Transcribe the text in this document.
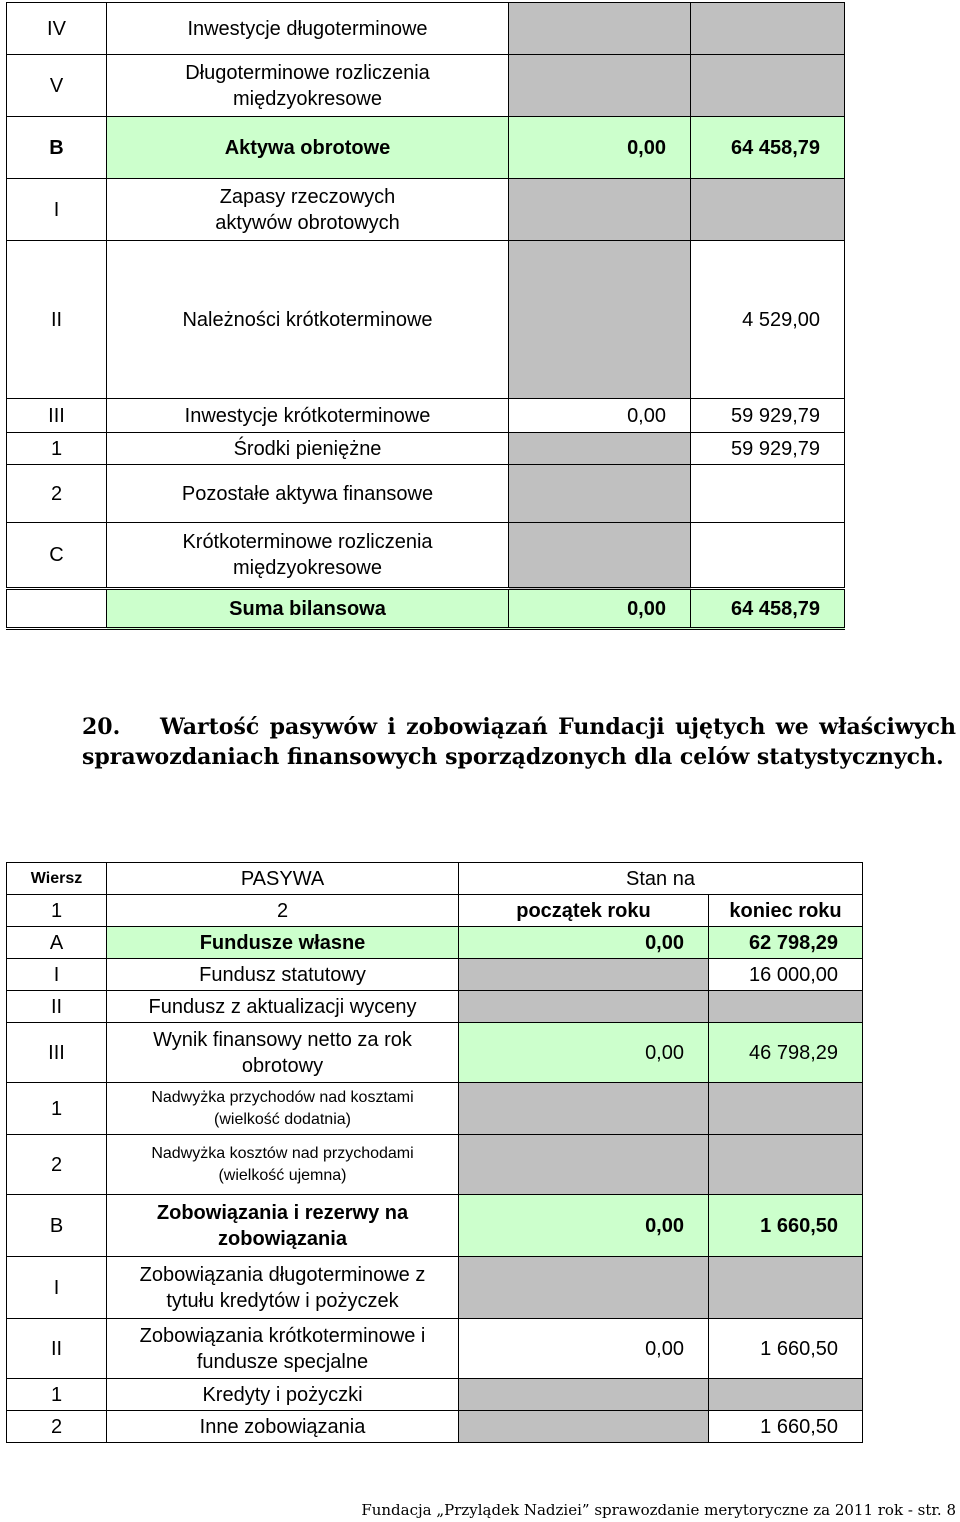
IV	Inwestycje długoterminowe		
V	Długoterminowe rozliczenia międzyokresowe		
B	Aktywa obrotowe	0,00	64 458,79
I	Zapasy rzeczowych aktywów obrotowych		
II	Należności krótkoterminowe		4 529,00
III	Inwestycje krótkoterminowe	0,00	59 929,79
1	Środki pieniężne		59 929,79
2	Pozostałe aktywa finansowe		
C	Krótkoterminowe rozliczenia międzyokresowe		
	Suma bilansowa	0,00	64 458,79
20.	Wartość pasywów i zobowiązań Fundacji ujętych we właściwych sprawozdaniach finansowych sporządzonych dla celów statystycznych.
Wiersz	PASYWA	Stan na	
1	2	początek roku	koniec roku
A	Fundusze własne	0,00	62 798,29
I	Fundusz statutowy		16 000,00
II	Fundusz z aktualizacji wyceny		
III	Wynik finansowy netto za rok obrotowy	0,00	46 798,29
1	Nadwyżka przychodów nad kosztami (wielkość dodatnia)		
2	Nadwyżka kosztów nad przychodami (wielkość ujemna)		
B	Zobowiązania i rezerwy na zobowiązania	0,00	1 660,50
I	Zobowiązania długoterminowe z tytułu kredytów i pożyczek		
II	Zobowiązania krótkoterminowe i fundusze specjalne	0,00	1 660,50
1	Kredyty i pożyczki		
2	Inne zobowiązania		1 660,50
Fundacja „Przylądek Nadziei” sprawozdanie merytoryczne za 2011 rok - str. 8
